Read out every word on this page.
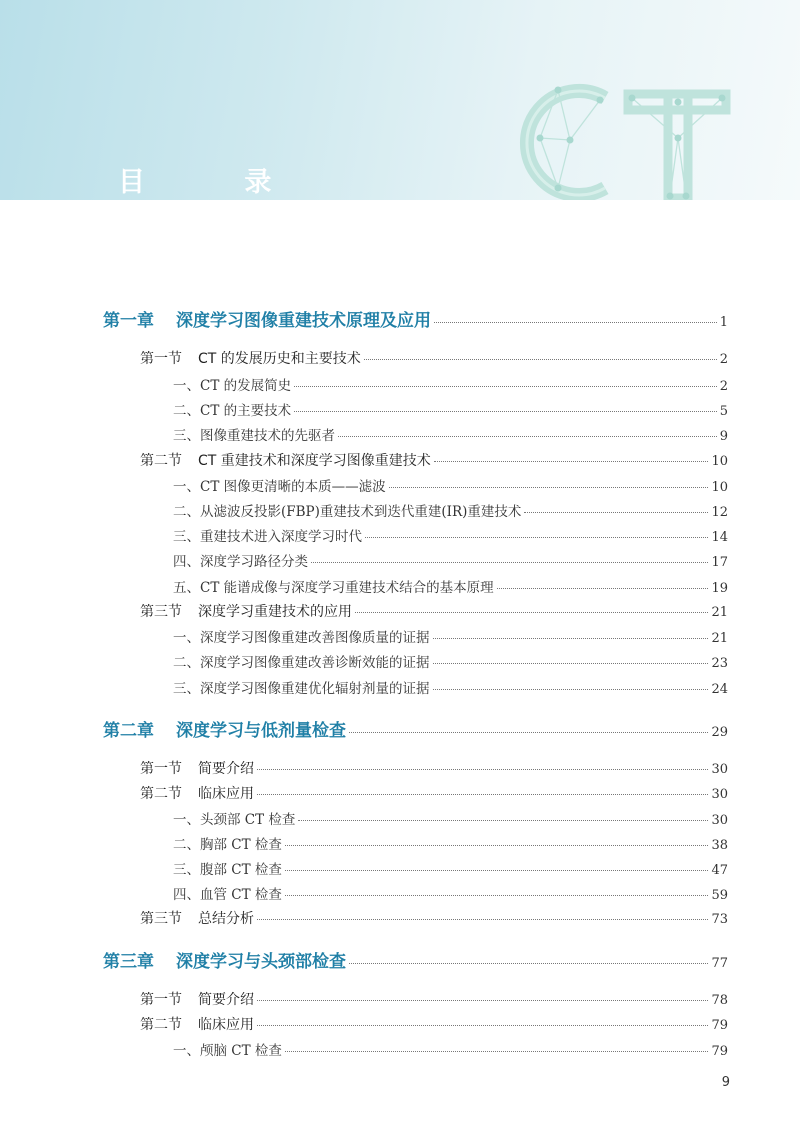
目 录
第一章 深度学习图像重建技术原理及应用	1
第一节 CT 的发展历史和主要技术	2
一、CT 的发展简史	2
二、CT 的主要技术	5
三、图像重建技术的先驱者	9
第二节 CT 重建技术和深度学习图像重建技术	10
一、CT 图像更清晰的本质——滤波	10
二、从滤波反投影(FBP)重建技术到迭代重建(IR)重建技术	12
三、重建技术进入深度学习时代	14
四、深度学习路径分类	17
五、CT 能谱成像与深度学习重建技术结合的基本原理	19
第三节 深度学习重建技术的应用	21
一、深度学习图像重建改善图像质量的证据	21
二、深度学习图像重建改善诊断效能的证据	23
三、深度学习图像重建优化辐射剂量的证据	24
第二章 深度学习与低剂量检查	29
第一节 简要介绍	30
第二节 临床应用	30
一、头颈部 CT 检查	30
二、胸部 CT 检查	38
三、腹部 CT 检查	47
四、血管 CT 检查	59
第三节 总结分析	73
第三章 深度学习与头颈部检查	77
第一节 简要介绍	78
第二节 临床应用	79
一、颅脑 CT 检查	79
9
